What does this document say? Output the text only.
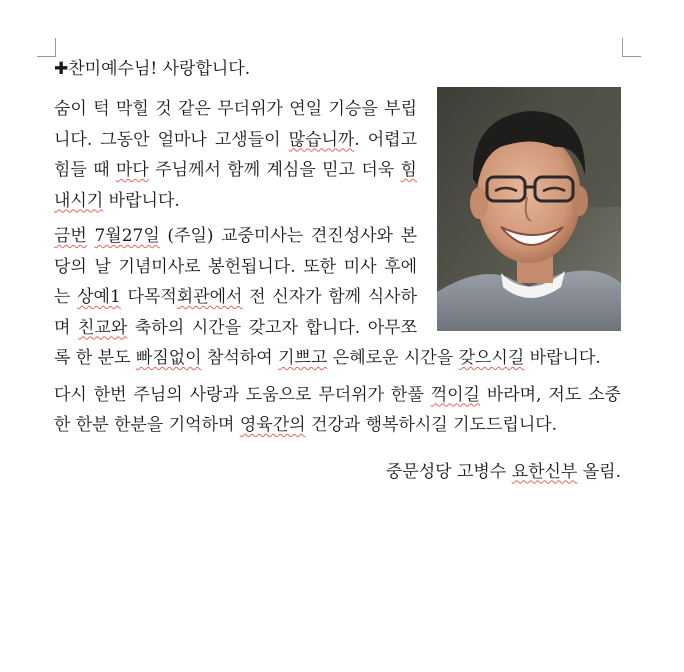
✚찬미예수님! 사랑합니다.

숨이 턱 막힐 것 같은 무더위가 연일 기승을 부립니다. 그동안 얼마나 고생들이 많습니까. 어렵고 힘들 때 마다 주님께서 함께 계심을 믿고 더욱 힘내시기 바랍니다.

금번 7월27일 (주일) 교중미사는 견진성사와 본당의 날 기념미사로 봉헌됩니다. 또한 미사 후에는 상예1 다목적회관에서 전 신자가 함께 식사하며 친교와 축하의 시간을 갖고자 합니다. 아무쪼록 한 분도 빠짐없이 참석하여 기쁘고 은혜로운 시간을 갖으시길 바랍니다.

다시 한번 주님의 사랑과 도움으로 무더위가 한풀 꺽이길 바라며, 저도 소중한 한분 한분을 기억하며 영육간의 건강과 행복하시길 기도드립니다.

중문성당 고병수 요한신부 올림.
